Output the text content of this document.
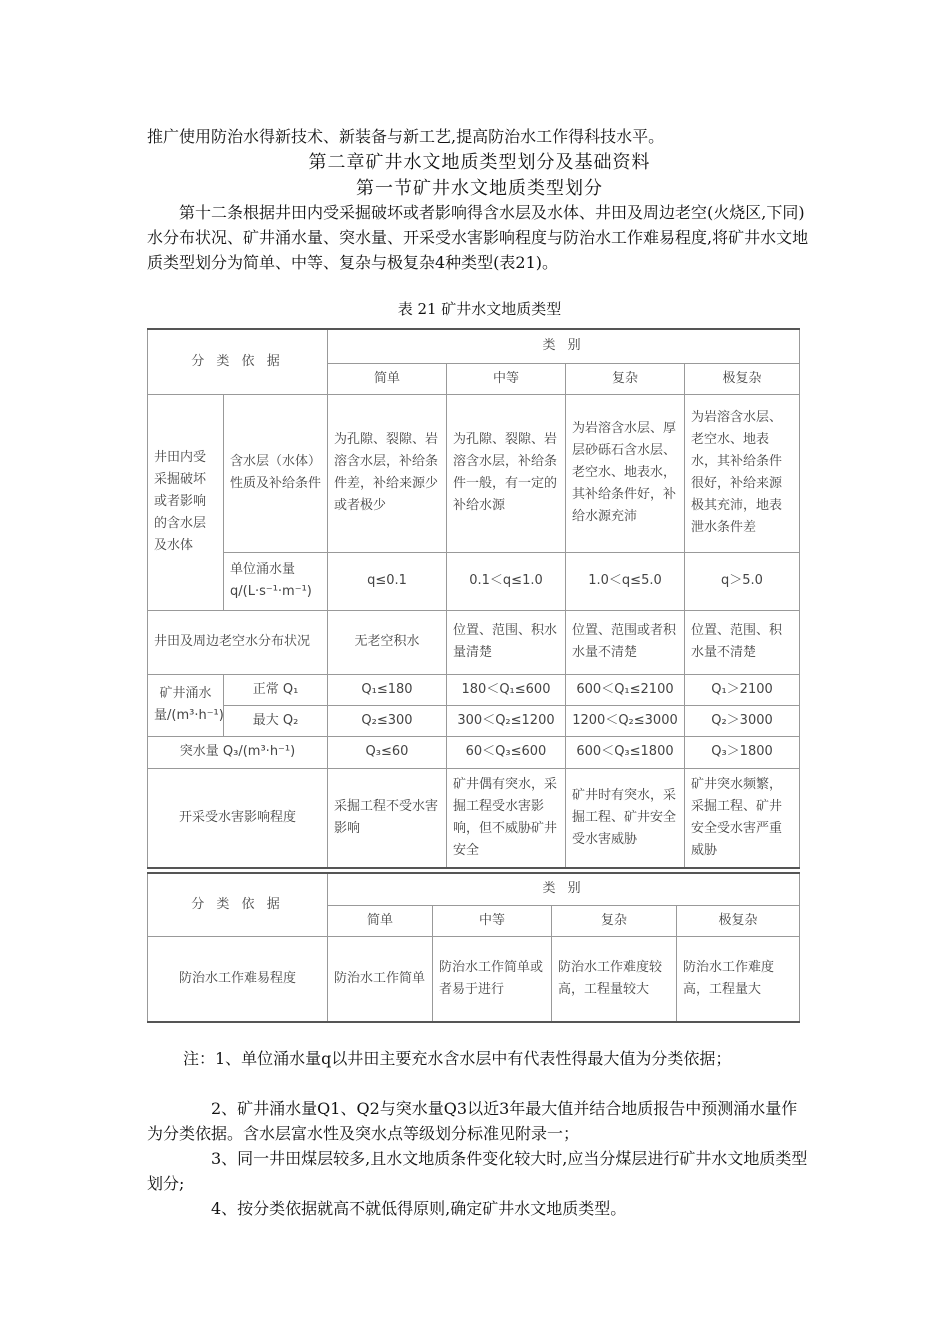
推广使用防治水得新技术、新装备与新工艺,提高防治水工作得科技水平。
第二章矿井水文地质类型划分及基础资料
第一节矿井水文地质类型划分
第十二条根据井田内受采掘破坏或者影响得含水层及水体、井田及周边老空(火烧区,下同)水分布状况、矿井涌水量、突水量、开采受水害影响程度与防治水工作难易程度,将矿井水文地质类型划分为简单、中等、复杂与极复杂4种类型(表21)。
表 21 矿井水文地质类型
分 类 依 据		类 别			
		简单	中等	复杂	极复杂
井田内受采掘破坏或者影响的含水层及水体	含水层（水体）性质及补给条件	为孔隙、裂隙、岩溶含水层，补给条件差，补给来源少或者极少	为孔隙、裂隙、岩溶含水层，补给条件一般，有一定的补给水源	为岩溶含水层、厚层砂砾石含水层、老空水、地表水，其补给条件好，补给水源充沛	为岩溶含水层、老空水、地表水，其补给条件很好，补给来源极其充沛，地表泄水条件差
	单位涌水量 q/(L·s⁻¹·m⁻¹)	q≤0.1	0.1＜q≤1.0	1.0＜q≤5.0	q＞5.0
井田及周边老空水分布状况		无老空积水	位置、范围、积水量清楚	位置、范围或者积水量不清楚	位置、范围、积水量不清楚
矿井涌水量/(m³·h⁻¹)	正常 Q₁	Q₁≤180	180＜Q₁≤600	600＜Q₁≤2100	Q₁＞2100
	最大 Q₂	Q₂≤300	300＜Q₂≤1200	1200＜Q₂≤3000	Q₂＞3000
突水量 Q₃/(m³·h⁻¹)		Q₃≤60	60＜Q₃≤600	600＜Q₃≤1800	Q₃＞1800
开采受水害影响程度		采掘工程不受水害影响	矿井偶有突水，采掘工程受水害影响，但不威胁矿井安全	矿井时有突水，采掘工程、矿井安全受水害威胁	矿井突水频繁，采掘工程、矿井安全受水害严重威胁
分 类 依 据	类 别			
	简单	中等	复杂	极复杂
防治水工作难易程度	防治水工作简单	防治水工作简单或者易于进行	防治水工作难度较高，工程量较大	防治水工作难度高，工程量大
注：1、单位涌水量q以井田主要充水含水层中有代表性得最大值为分类依据；
2、矿井涌水量Q1、Q2与突水量Q3以近3年最大值并结合地质报告中预测涌水量作为分类依据。含水层富水性及突水点等级划分标准见附录一；
3、同一井田煤层较多,且水文地质条件变化较大时,应当分煤层进行矿井水文地质类型划分;
4、按分类依据就高不就低得原则,确定矿井水文地质类型。
